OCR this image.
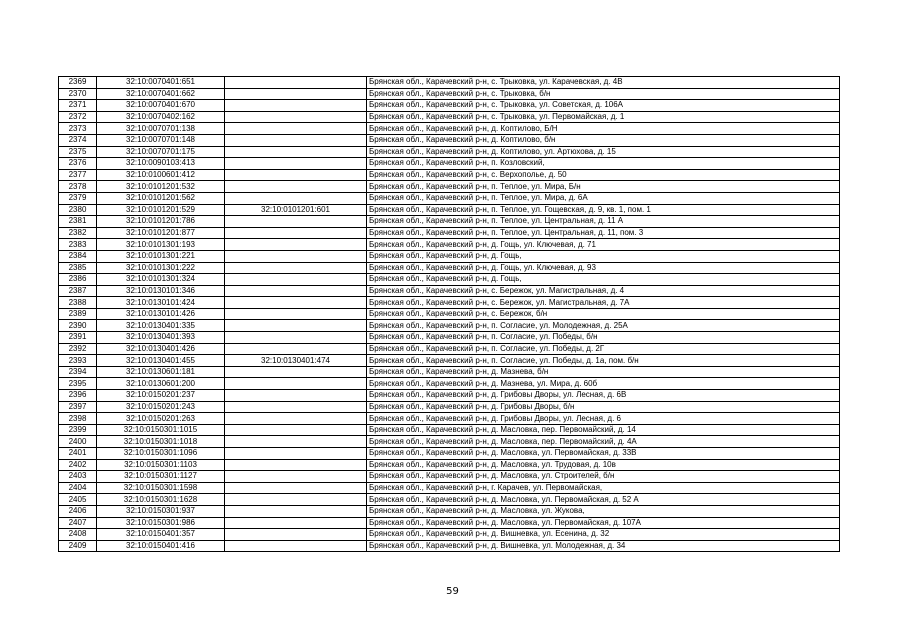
2369	32:10:0070401:651		Брянская обл., Карачевский р-н, с. Трыковка, ул. Карачевская, д. 4В
2370	32:10:0070401:662		Брянская обл., Карачевский р-н, с. Трыковка, б/н
2371	32:10:0070401:670		Брянская обл., Карачевский р-н, с. Трыковка, ул. Советская, д. 106А
2372	32:10:0070402:162		Брянская обл., Карачевский р-н, с. Трыковка, ул. Первомайская, д. 1
2373	32:10:0070701:138		Брянская обл., Карачевский р-н, д. Коптилово, Б/Н
2374	32:10:0070701:148		Брянская обл., Карачевский р-н, д. Коптилово, б/н
2375	32:10:0070701:175		Брянская обл., Карачевский р-н, д. Коптилово, ул. Артюхова, д. 15
2376	32:10:0090103:413		Брянская обл., Карачевский р-н, п. Козловский,
2377	32:10:0100601:412		Брянская обл., Карачевский р-н, с. Верхополье, д. 50
2378	32:10:0101201:532		Брянская обл., Карачевский р-н, п. Теплое, ул. Мира, Б/н
2379	32:10:0101201:562		Брянская обл., Карачевский р-н, п. Теплое, ул. Мира, д. 6А
2380	32:10:0101201:529	32:10:0101201:601	Брянская обл., Карачевский р-н, п. Теплое, ул. Гощевская, д. 9, кв. 1, пом. 1
2381	32:10:0101201:786		Брянская обл., Карачевский р-н, п. Теплое, ул. Центральная, д. 11 А
2382	32:10:0101201:877		Брянская обл., Карачевский р-н, п. Теплое, ул. Центральная, д. 11, пом. 3
2383	32:10:0101301:193		Брянская обл., Карачевский р-н, д. Гощь, ул. Ключевая, д. 71
2384	32:10:0101301:221		Брянская обл., Карачевский р-н, д. Гощь,
2385	32:10:0101301:222		Брянская обл., Карачевский р-н, д. Гощь, ул. Ключевая, д. 93
2386	32:10:0101301:324		Брянская обл., Карачевский р-н, д. Гощь,
2387	32:10:0130101:346		Брянская обл., Карачевский р-н, с. Бережок, ул. Магистральная, д. 4
2388	32:10:0130101:424		Брянская обл., Карачевский р-н, с. Бережок, ул. Магистральная, д. 7А
2389	32:10:0130101:426		Брянская обл., Карачевский р-н, с. Бережок, б/н
2390	32:10:0130401:335		Брянская обл., Карачевский р-н, п. Согласие, ул. Молодежная, д. 25А
2391	32:10:0130401:393		Брянская обл., Карачевский р-н, п. Согласие, ул. Победы, б/н
2392	32:10:0130401:426		Брянская обл., Карачевский р-н, п. Согласие, ул. Победы, д. 2Г
2393	32:10:0130401:455	32:10:0130401:474	Брянская обл., Карачевский р-н, п. Согласие, ул. Победы, д. 1а, пом. б/н
2394	32:10:0130601:181		Брянская обл., Карачевский р-н, д. Мазнева, б/н
2395	32:10:0130601:200		Брянская обл., Карачевский р-н, д. Мазнева, ул. Мира, д. 60б
2396	32:10:0150201:237		Брянская обл., Карачевский р-н, д. Грибовы Дворы, ул. Лесная, д. 6В
2397	32:10:0150201:243		Брянская обл., Карачевский р-н, д. Грибовы Дворы, б/н
2398	32:10:0150201:263		Брянская обл., Карачевский р-н, д. Грибовы Дворы, ул. Лесная, д. 6
2399	32:10:0150301:1015		Брянская обл., Карачевский р-н, д. Масловка, пер. Первомайский, д. 14
2400	32:10:0150301:1018		Брянская обл., Карачевский р-н, д. Масловка, пер. Первомайский, д. 4А
2401	32:10:0150301:1096		Брянская обл., Карачевский р-н, д. Масловка, ул. Первомайская, д. 33В
2402	32:10:0150301:1103		Брянская обл., Карачевский р-н, д. Масловка, ул. Трудовая, д. 10в
2403	32:10:0150301:1127		Брянская обл., Карачевский р-н, д. Масловка, ул. Строителей, б/н
2404	32:10:0150301:1598		Брянская обл., Карачевский р-н, г. Карачев, ул. Первомайская,
2405	32:10:0150301:1628		Брянская обл., Карачевский р-н, д. Масловка, ул. Первомайская, д. 52 А
2406	32:10:0150301:937		Брянская обл., Карачевский р-н, д. Масловка, ул. Жукова,
2407	32:10:0150301:986		Брянская обл., Карачевский р-н, д. Масловка, ул. Первомайская, д. 107А
2408	32:10:0150401:357		Брянская обл., Карачевский р-н, д. Вишневка, ул. Есенина, д. 32
2409	32:10:0150401:416		Брянская обл., Карачевский р-н, д. Вишневка, ул. Молодежная, д. 34
59
